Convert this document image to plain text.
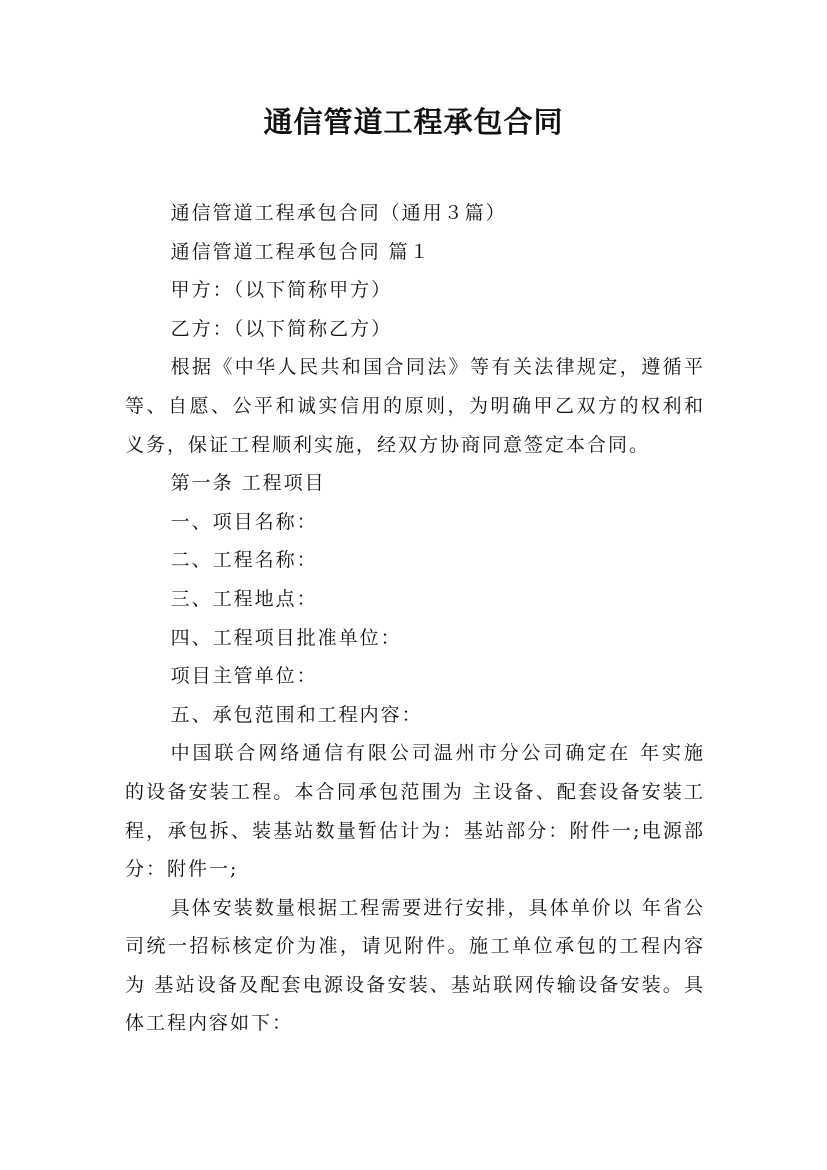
通信管道工程承包合同

通信管道工程承包合同（通用３篇）

通信管道工程承包合同 篇１

甲方：（以下简称甲方）

乙方：（以下简称乙方）

根据《中华人民共和国合同法》等有关法律规定，遵循平等、自愿、公平和诚实信用的原则，为明确甲乙双方的权利和义务，保证工程顺利实施，经双方协商同意签定本合同。

第一条 工程项目

一、项目名称：

二、工程名称：

三、工程地点：

四、工程项目批准单位：

项目主管单位：

五、承包范围和工程内容：

中国联合网络通信有限公司温州市分公司确定在 年实施 的设备安装工程。本合同承包范围为 主设备、配套设备安装工程，承包拆、装基站数量暂估计为：基站部分：附件一;电源部分：附件一;

具体安装数量根据工程需要进行安排，具体单价以 年省公司统一招标核定价为准，请见附件。施工单位承包的工程内容为 基站设备及配套电源设备安装、基站联网传输设备安装。具体工程内容如下：
